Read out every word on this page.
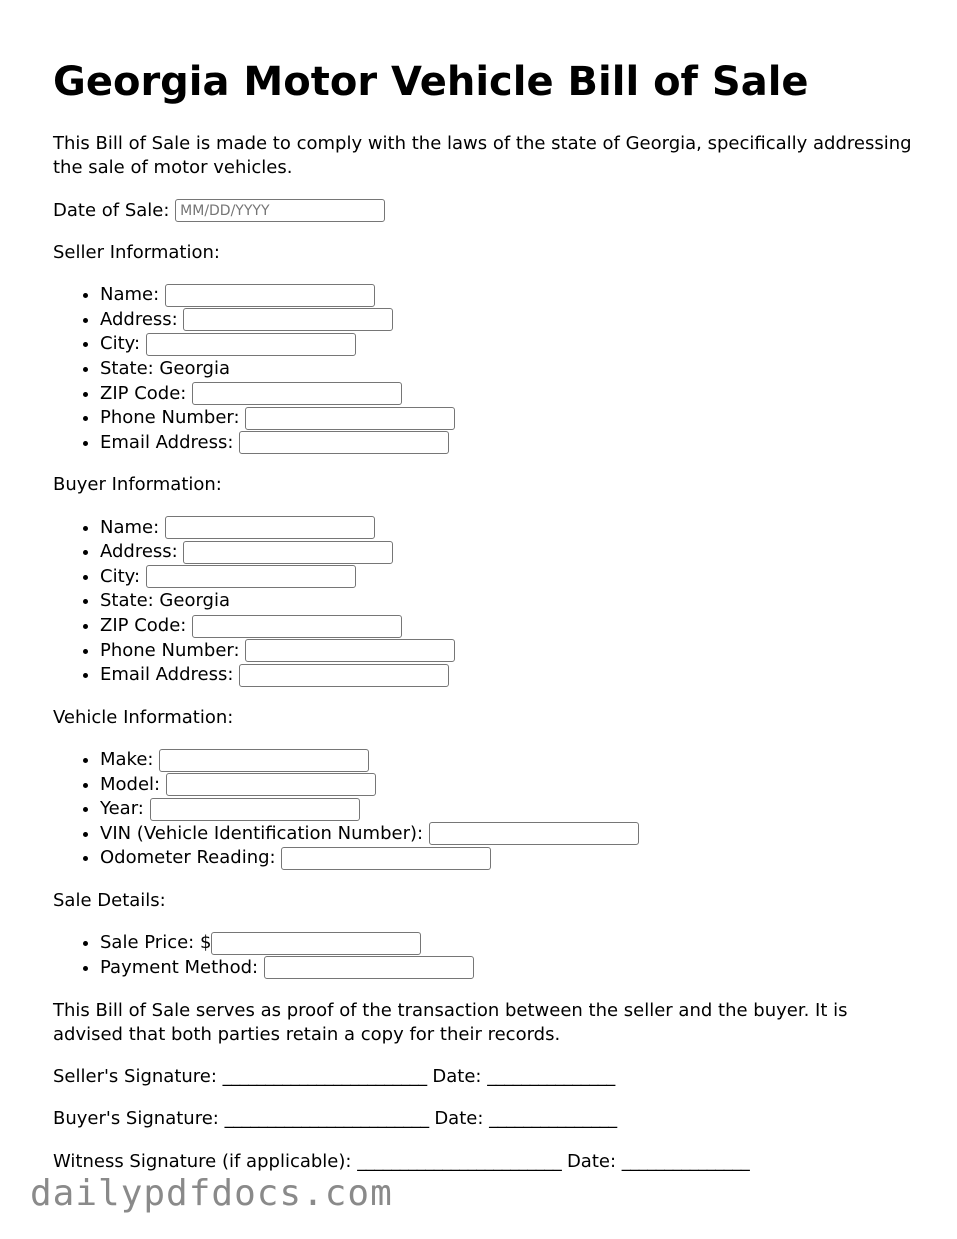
Georgia Motor Vehicle Bill of Sale

This Bill of Sale is made to comply with the laws of the state of Georgia, specifically addressing the sale of motor vehicles.

Date of Sale: MM/DD/YYYY

Seller Information:

• Name:
• Address:
• City:
• State: Georgia
• ZIP Code:
• Phone Number:
• Email Address:

Buyer Information:

• Name:
• Address:
• City:
• State: Georgia
• ZIP Code:
• Phone Number:
• Email Address:

Vehicle Information:

• Make:
• Model:
• Year:
• VIN (Vehicle Identification Number):
• Odometer Reading:

Sale Details:

• Sale Price: $
• Payment Method:

This Bill of Sale serves as proof of the transaction between the seller and the buyer. It is advised that both parties retain a copy for their records.

Seller's Signature: ________________________ Date: _______________

Buyer's Signature: ________________________ Date: _______________

Witness Signature (if applicable): ________________________ Date: _______________

dailypdfdocs.com
